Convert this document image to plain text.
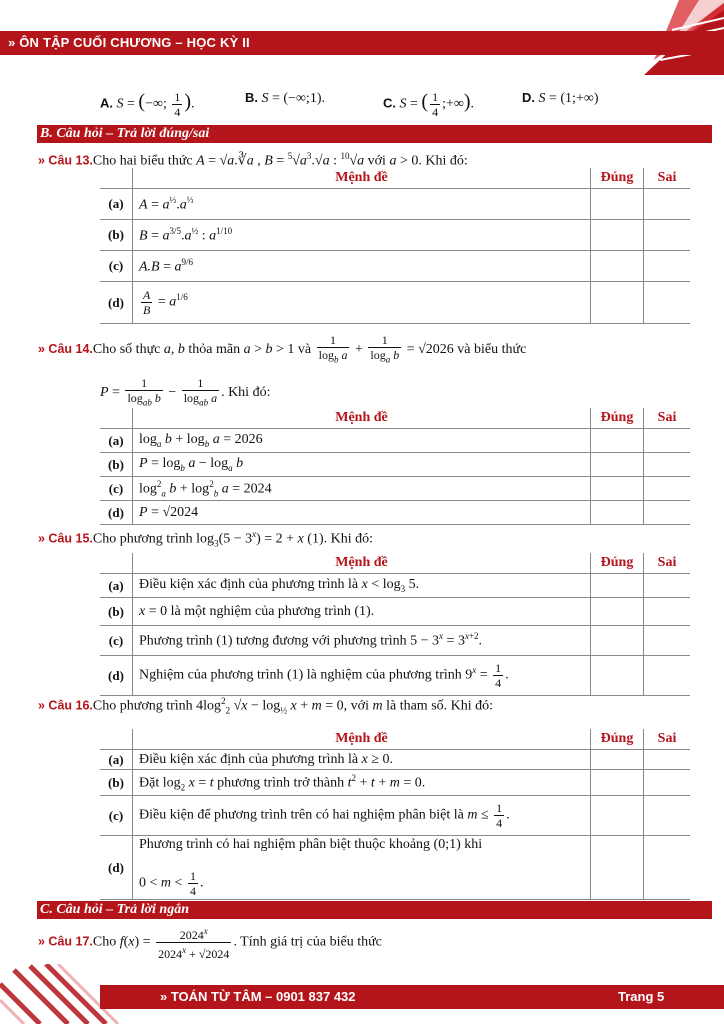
» ÔN TẬP CUỐI CHƯƠNG – HỌC KỲ II
A. S = (−∞; $\frac{1}{4}$ ).	B. S = (−∞;1).	C. S = ( $\frac{1}{4}$ ;+∞).	D. S = (1;+∞)
B. Câu hỏi – Trả lời đúng/sai
» Câu 13.Cho hai biểu thức A = √a.∛a , $B = ^5√a^3.√a$ : $^{10}$√a với a > 0. Khi đó:
	Mệnh đề	Đúng	Sai
(a)	$A = a^{\frac{1}{2}}.a^{\frac{1}{3}}$		
(b)	$B = a^{3/5}.a^{\frac{1}{2}}$ : $a^{1/10}$		
(c)	$A.B = a^{9/6}$		
(d)	$\frac{A}{B} = a^{1/6}$		
» Câu 14.Cho số thực a, b thỏa mãn a > b > 1 và $\frac{1}{\log_b a} + \frac{1}{\log_a b} = √2026$ và biểu thức
$P = \frac{1}{\log_{ab} b} - \frac{1}{\log_{ab} a}$ . Khi đó:
	Mệnh đề	Đúng	Sai
(a)	$\log_a b + \log_b a = 2026$		
(b)	$P = \log_b a - \log_a b$		
(c)	$\log^2_a b + \log^2_b a = 2024$		
(d)	P = √2024		
» Câu 15.Cho phương trình $\log_3(5 - 3^x) = 2 + x$ (1). Khi đó:
	Mệnh đề	Đúng	Sai
(a)	Điều kiện xác định của phương trình là $x < \log_3 5$.		
(b)	x = 0 là một nghiệm của phương trình (1).		
(c)	Phương trình (1) tương đương với phương trình $5 - 3^x = 3^{x+2}$.		
(d)	Nghiệm của phương trình (1) là nghiệm của phương trình $9^x = \frac{1}{4}$ .		
» Câu 16.Cho phương trình $4\log^2_2$ $√x - \log_{\frac{1}{2}} x + m = 0$, với m là tham số. Khi đó:
	Mệnh đề	Đúng	Sai
(a)	Điều kiện xác định của phương trình là x ≥ 0.		
(b)	Đặt $\log_2 x = t$ phương trình trở thành $t^2 + t + m = 0$.		
(c)	Điều kiện để phương trình trên có hai nghiệm phân biệt là $m \le \frac{1}{4}$ .		
(d)	Phương trình có hai nghiệm phân biệt thuộc khoảng (0;1) khi

$0 < m < \frac{1}{4}$ .		
C. Câu hỏi – Trả lời ngắn
» Câu 17.Cho $f(x) = \frac{2024^x}{2024^x + √2024}$ . Tính giá trị của biểu thức
» TOÁN TỪ TÂM – 0901 837 432	Trang 5
